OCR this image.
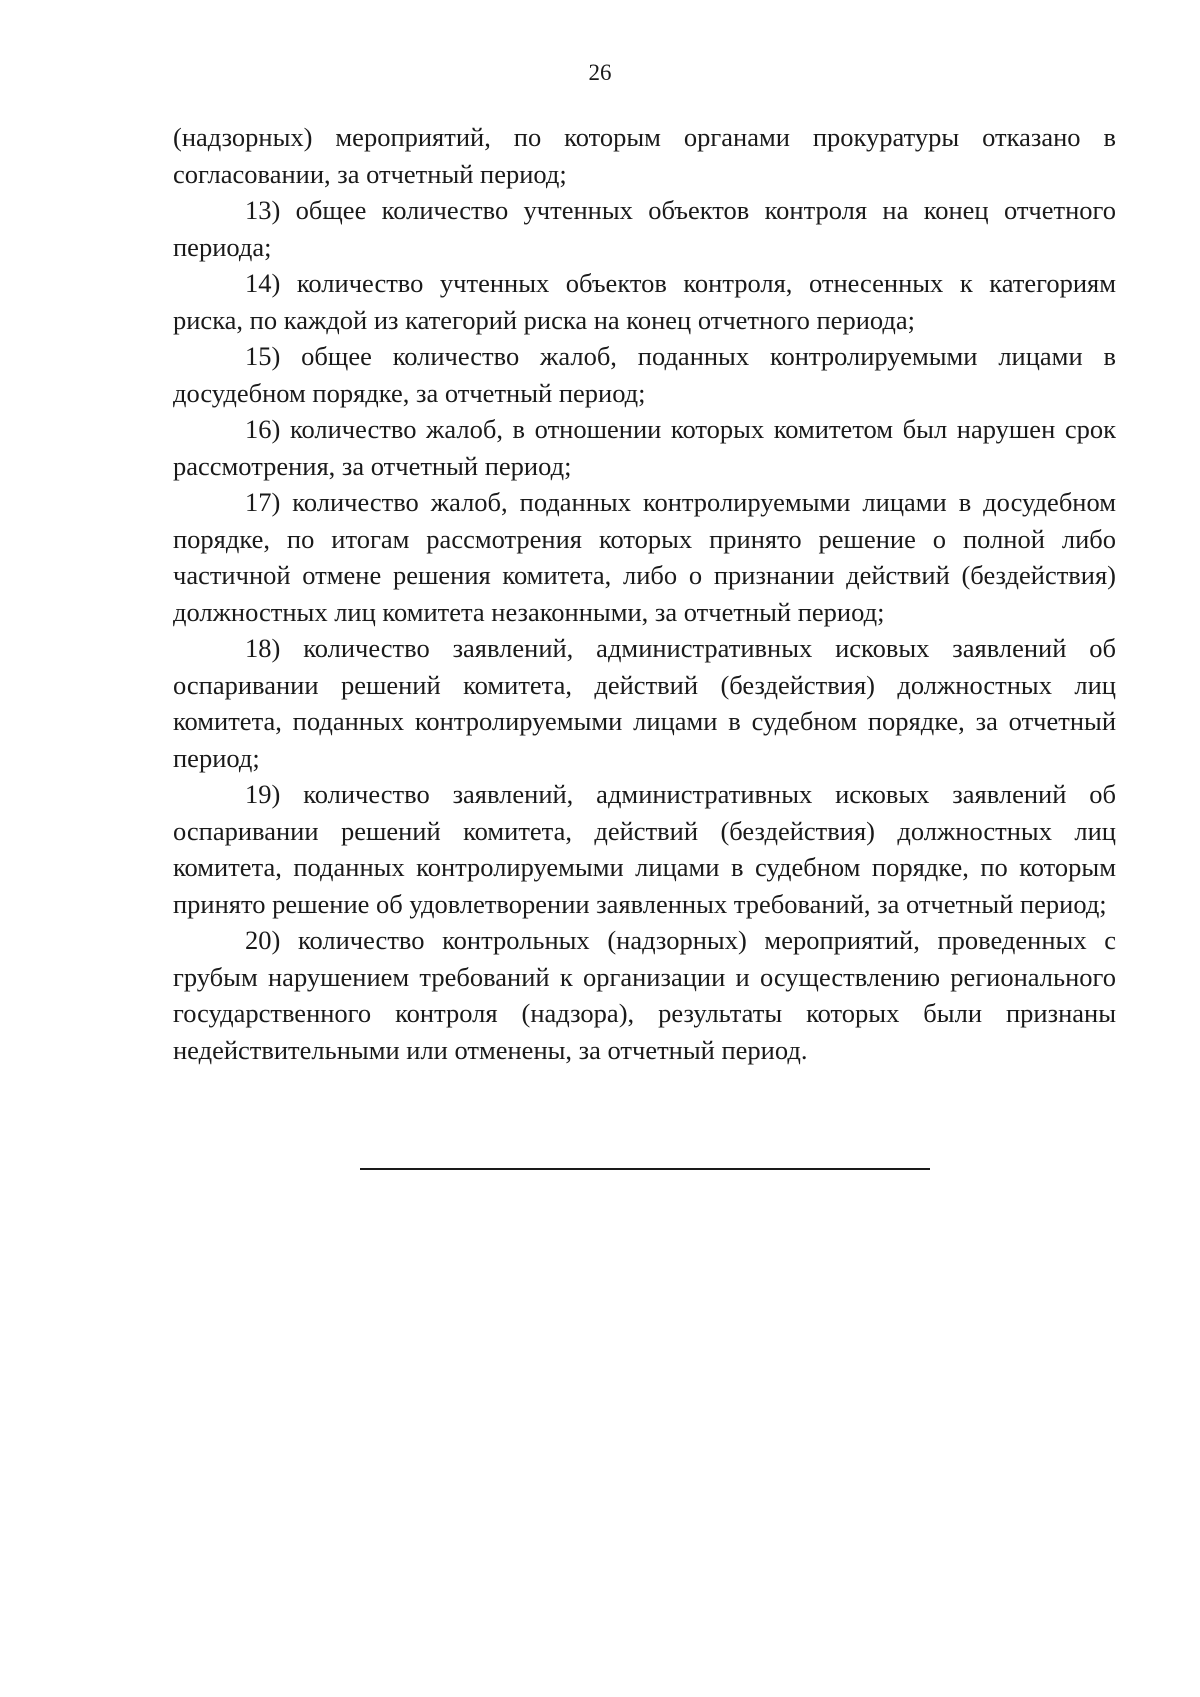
26

(надзорных) мероприятий, по которым органами прокуратуры отказано в согласовании, за отчетный период;

13) общее количество учтенных объектов контроля на конец отчетного периода;

14) количество учтенных объектов контроля, отнесенных к категориям риска, по каждой из категорий риска на конец отчетного периода;

15) общее количество жалоб, поданных контролируемыми лицами в досудебном порядке, за отчетный период;

16) количество жалоб, в отношении которых комитетом был нарушен срок рассмотрения, за отчетный период;

17) количество жалоб, поданных контролируемыми лицами в досудебном порядке, по итогам рассмотрения которых принято решение о полной либо частичной отмене решения комитета, либо о признании действий (бездействия) должностных лиц комитета незаконными, за отчетный период;

18) количество заявлений, административных исковых заявлений об оспаривании решений комитета, действий (бездействия) должностных лиц комитета, поданных контролируемыми лицами в судебном порядке, за отчетный период;

19) количество заявлений, административных исковых заявлений об оспаривании решений комитета, действий (бездействия) должностных лиц комитета, поданных контролируемыми лицами в судебном порядке, по которым принято решение об удовлетворении заявленных требований, за отчетный период;

20) количество контрольных (надзорных) мероприятий, проведенных с грубым нарушением требований к организации и осуществлению регионального государственного контроля (надзора), результаты которых были признаны недействительными или отменены, за отчетный период.
